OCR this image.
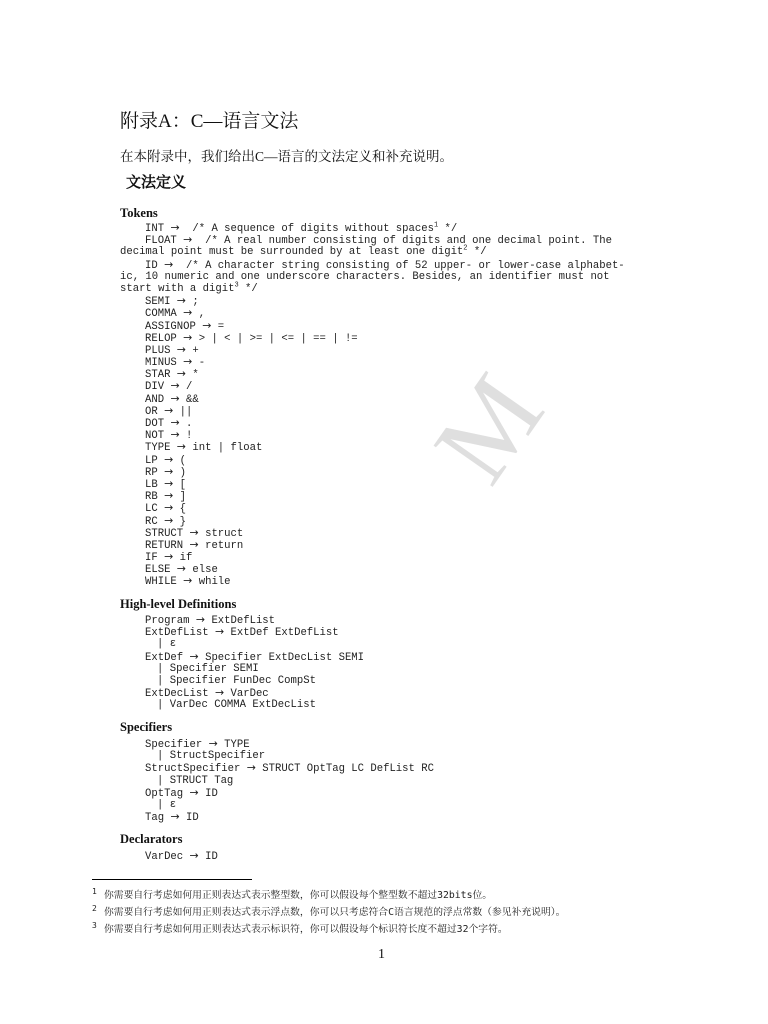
附录A：C—语言文法
在本附录中，我们给出C—语言的文法定义和补充说明。
文法定义
Tokens
INT → /* A sequence of digits without spaces$^1$ */
FLOAT → /* A real number consisting of digits and one decimal point. The
decimal point must be surrounded by at least one digit$^2$ */
ID → /* A character string consisting of 52 upper- or lower-case alphabet-
ic, 10 numeric and one underscore characters. Besides, an identifier must not
start with a digit$^3$ */
SEMI → ;
COMMA → ,
ASSIGNOP → =
RELOP → > | < | >= | <= | == | !=
PLUS → +
MINUS → -
STAR → *
DIV → /
AND → &&
OR → ||
DOT → .
NOT → !
TYPE → int | float
LP → (
RP → )
LB → [
RB → ]
LC → {
RC → }
STRUCT → struct
RETURN → return
IF → if
ELSE → else
WHILE → while
High-level Definitions
Program → ExtDefList
ExtDefList → ExtDef ExtDefList
| ε
ExtDef → Specifier ExtDecList SEMI
| Specifier SEMI
| Specifier FunDec CompSt
ExtDecList → VarDec
| VarDec COMMA ExtDecList
Specifiers
Specifier → TYPE
| StructSpecifier
StructSpecifier → STRUCT OptTag LC DefList RC
| STRUCT Tag
OptTag → ID
| ε
Tag → ID
Declarators
VarDec → ID
M
1 你需要自行考虑如何用正则表达式表示整型数，你可以假设每个整型数不超过32bits位。
2 你需要自行考虑如何用正则表达式表示浮点数，你可以只考虑符合C语言规范的浮点常数（参见补充说明）。
3 你需要自行考虑如何用正则表达式表示标识符，你可以假设每个标识符长度不超过32个字符。
1
